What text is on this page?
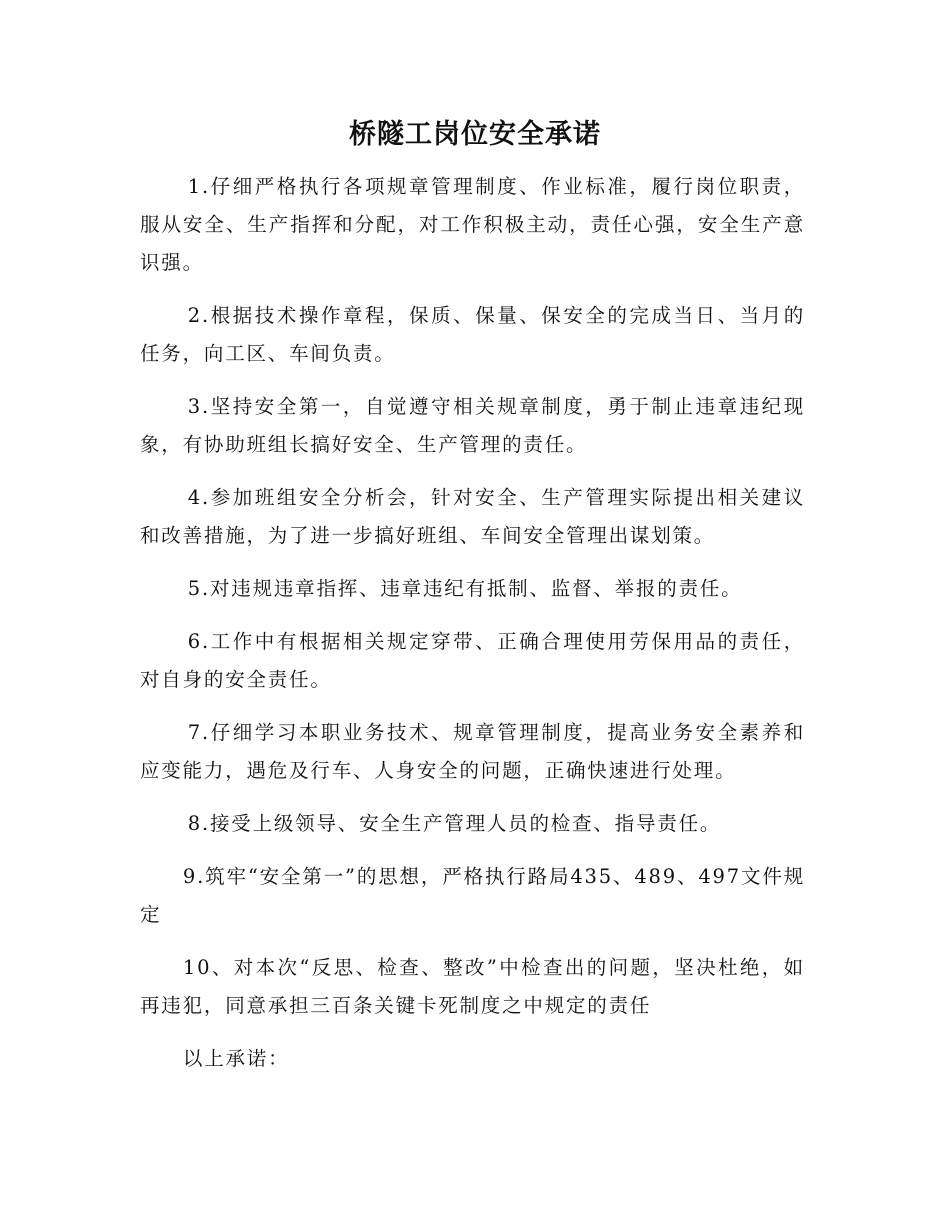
桥隧工岗位安全承诺

1.仔细严格执行各项规章管理制度、作业标准，履行岗位职责，服从安全、生产指挥和分配，对工作积极主动，责任心强，安全生产意识强。

2.根据技术操作章程，保质、保量、保安全的完成当日、当月的任务，向工区、车间负责。

3.坚持安全第一，自觉遵守相关规章制度，勇于制止违章违纪现象，有协助班组长搞好安全、生产管理的责任。

4.参加班组安全分析会，针对安全、生产管理实际提出相关建议和改善措施，为了进一步搞好班组、车间安全管理出谋划策。

5.对违规违章指挥、违章违纪有抵制、监督、举报的责任。

6.工作中有根据相关规定穿带、正确合理使用劳保用品的责任，对自身的安全责任。

7.仔细学习本职业务技术、规章管理制度，提高业务安全素养和应变能力，遇危及行车、人身安全的问题，正确快速进行处理。

8.接受上级领导、安全生产管理人员的检查、指导责任。

9.筑牢“安全第一”的思想，严格执行路局435、489、497文件规定

10、对本次“反思、检查、整改”中检查出的问题，坚决杜绝，如再违犯，同意承担三百条关键卡死制度之中规定的责任

以上承诺：
